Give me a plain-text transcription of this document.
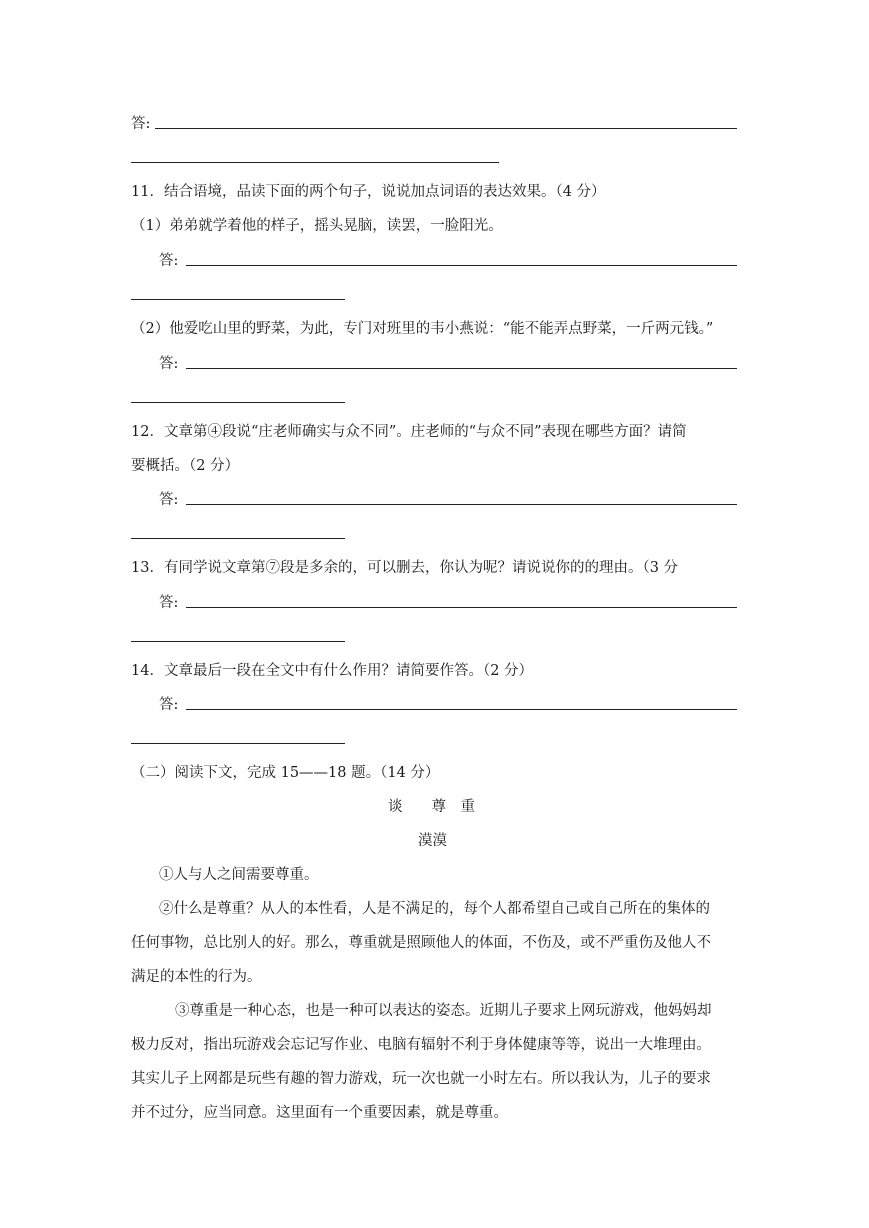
答:
11．结合语境，品读下面的两个句子，说说加点词语的表达效果。（4 分）
（1）弟弟就学着他的样子，摇头晃脑，读罢，一脸阳光。
答:
（2）他爱吃山里的野菜，为此，专门对班里的韦小燕说：“能不能弄点野菜，一斤两元钱。”
答:
12．文章第④段说“庄老师确实与众不同”。庄老师的“与众不同”表现在哪些方面？请简
要概括。（2 分）
答:
13．有同学说文章第⑦段是多余的，可以删去，你认为呢？请说说你的的理由。（3 分
答:
14．文章最后一段在全文中有什么作用？请简要作答。（2 分）
答:
（二）阅读下文，完成 15——18 题。（14 分）
谈　　尊　重
漠漠
①人与人之间需要尊重。
②什么是尊重？从人的本性看，人是不满足的，每个人都希望自己或自己所在的集体的
任何事物，总比别人的好。那么，尊重就是照顾他人的体面，不伤及，或不严重伤及他人不
满足的本性的行为。
③尊重是一种心态，也是一种可以表达的姿态。近期儿子要求上网玩游戏，他妈妈却
极力反对，指出玩游戏会忘记写作业、电脑有辐射不利于身体健康等等，说出一大堆理由。
其实儿子上网都是玩些有趣的智力游戏，玩一次也就一小时左右。所以我认为，儿子的要求
并不过分，应当同意。这里面有一个重要因素，就是尊重。
